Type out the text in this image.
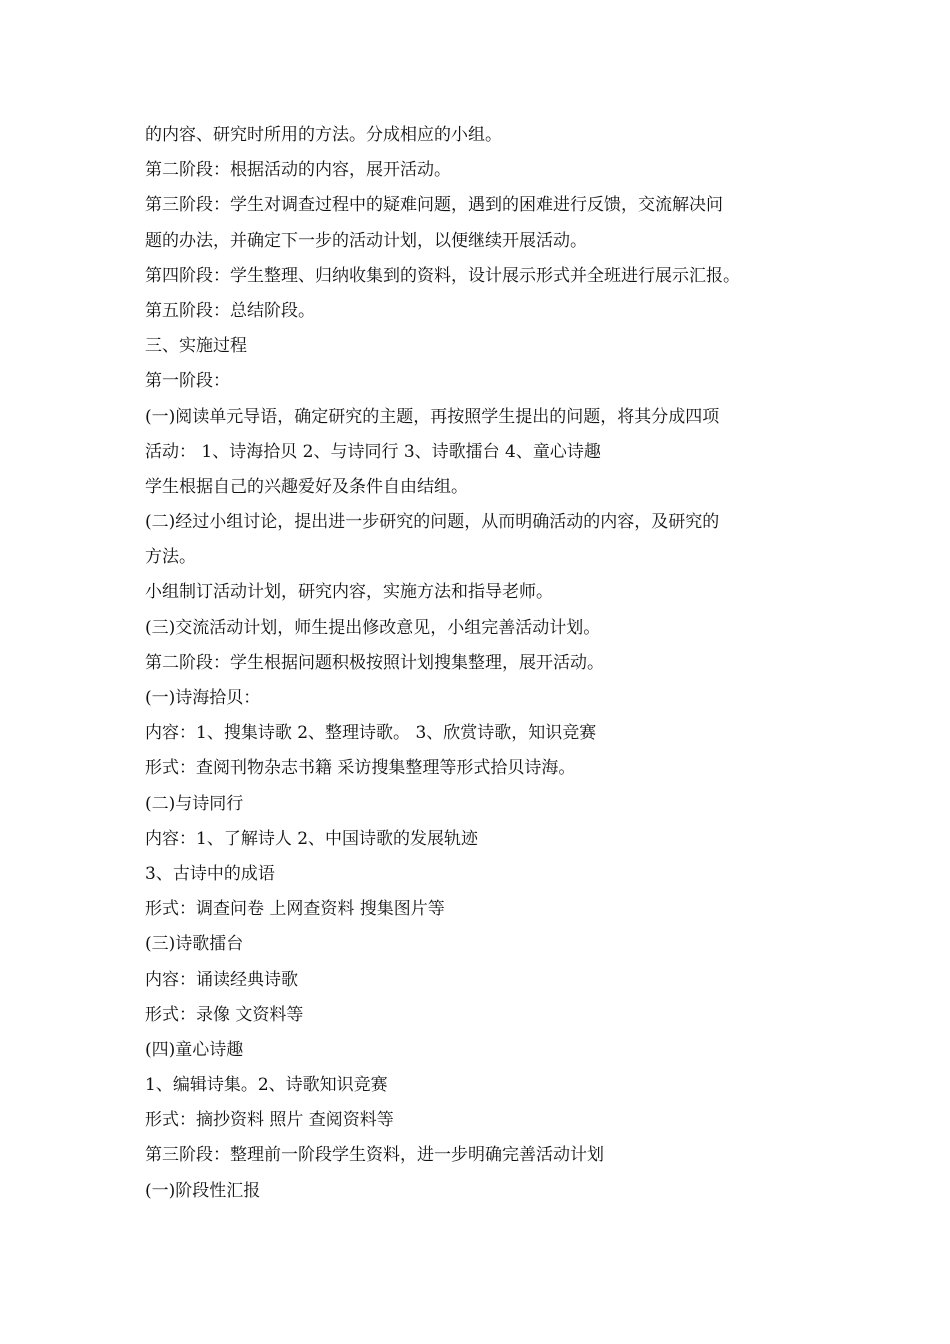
的内容、研究时所用的方法。分成相应的小组。

第二阶段：根据活动的内容，展开活动。

第三阶段：学生对调查过程中的疑难问题，遇到的困难进行反馈，交流解决问

题的办法，并确定下一步的活动计划，以便继续开展活动。

第四阶段：学生整理、归纳收集到的资料，设计展示形式并全班进行展示汇报。

第五阶段：总结阶段。

三、实施过程

第一阶段：

(一)阅读单元导语，确定研究的主题，再按照学生提出的问题，将其分成四项

活动： 1、诗海拾贝 2、与诗同行 3、诗歌擂台 4、童心诗趣

学生根据自己的兴趣爱好及条件自由结组。

(二)经过小组讨论，提出进一步研究的问题，从而明确活动的内容，及研究的

方法。

小组制订活动计划，研究内容，实施方法和指导老师。

(三)交流活动计划，师生提出修改意见，小组完善活动计划。

第二阶段：学生根据问题积极按照计划搜集整理，展开活动。

(一)诗海拾贝：

内容：1、搜集诗歌 2、整理诗歌。 3、欣赏诗歌，知识竞赛

形式：查阅刊物杂志书籍 采访搜集整理等形式拾贝诗海。

(二)与诗同行

内容：1、了解诗人 2、中国诗歌的发展轨迹

3、古诗中的成语

形式：调查问卷 上网查资料 搜集图片等

(三)诗歌擂台

内容：诵读经典诗歌

形式：录像 文资料等

(四)童心诗趣

1、编辑诗集。2、诗歌知识竞赛

形式：摘抄资料 照片 查阅资料等

第三阶段：整理前一阶段学生资料，进一步明确完善活动计划

(一)阶段性汇报
